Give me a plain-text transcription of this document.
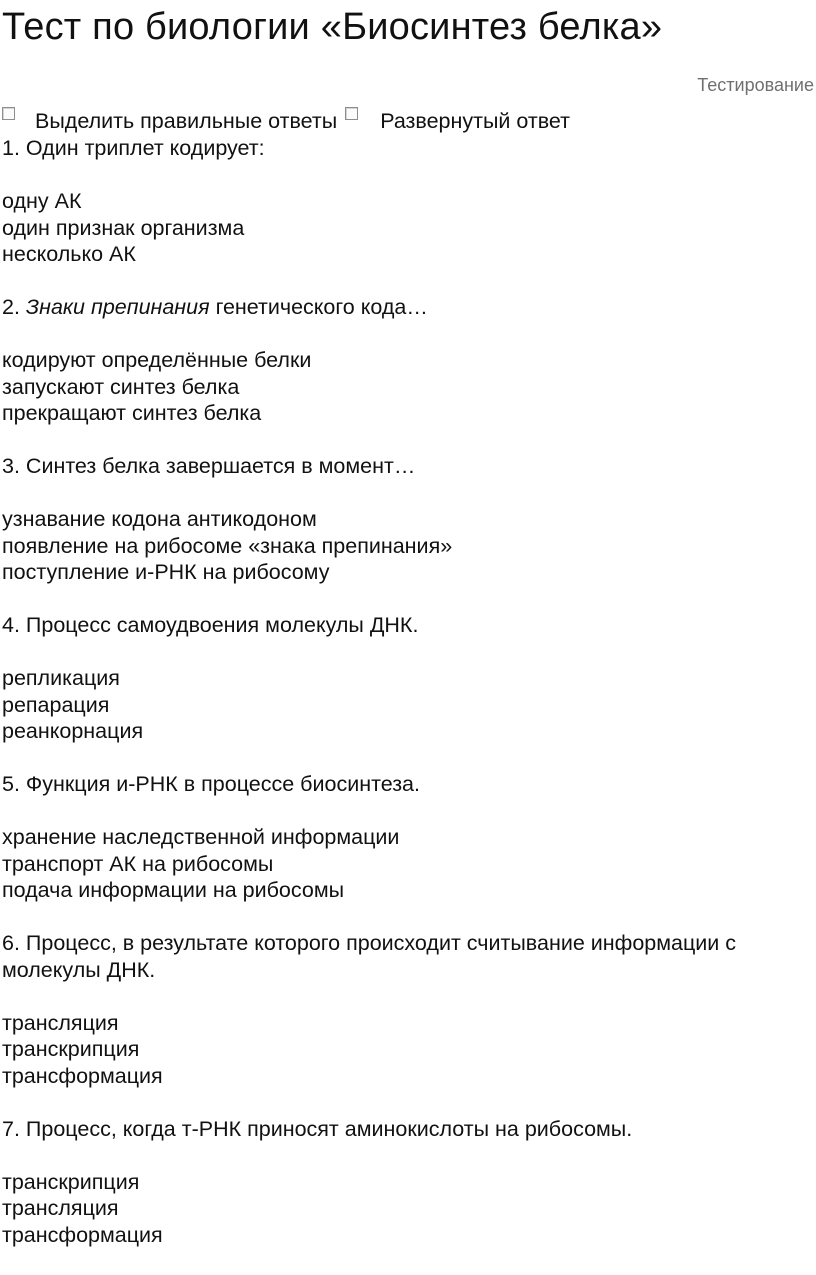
Тест по биологии «Биосинтез белка»
Тестирование
Выделить правильные ответы Развернутый ответ

1. Один триплет кодирует:

одну АК
один признак организма
несколько АК

2. Знаки препинания генетического кода…

кодируют определённые белки
запускают синтез белка
прекращают синтез белка

3. Синтез белка завершается в момент…

узнавание кодона антикодоном
появление на рибосоме «знака препинания»
поступление и-РНК на рибосому

4. Процесс самоудвоения молекулы ДНК.

репликация
репарация
реанкорнация

5. Функция и-РНК в процессе биосинтеза.

хранение наследственной информации
транспорт АК на рибосомы
подача информации на рибосомы

6. Процесс, в результате которого происходит считывание информации с молекулы ДНК.

трансляция
транскрипция
трансформация

7. Процесс, когда т-РНК приносят аминокислоты на рибосомы.

транскрипция
трансляция
трансформация
